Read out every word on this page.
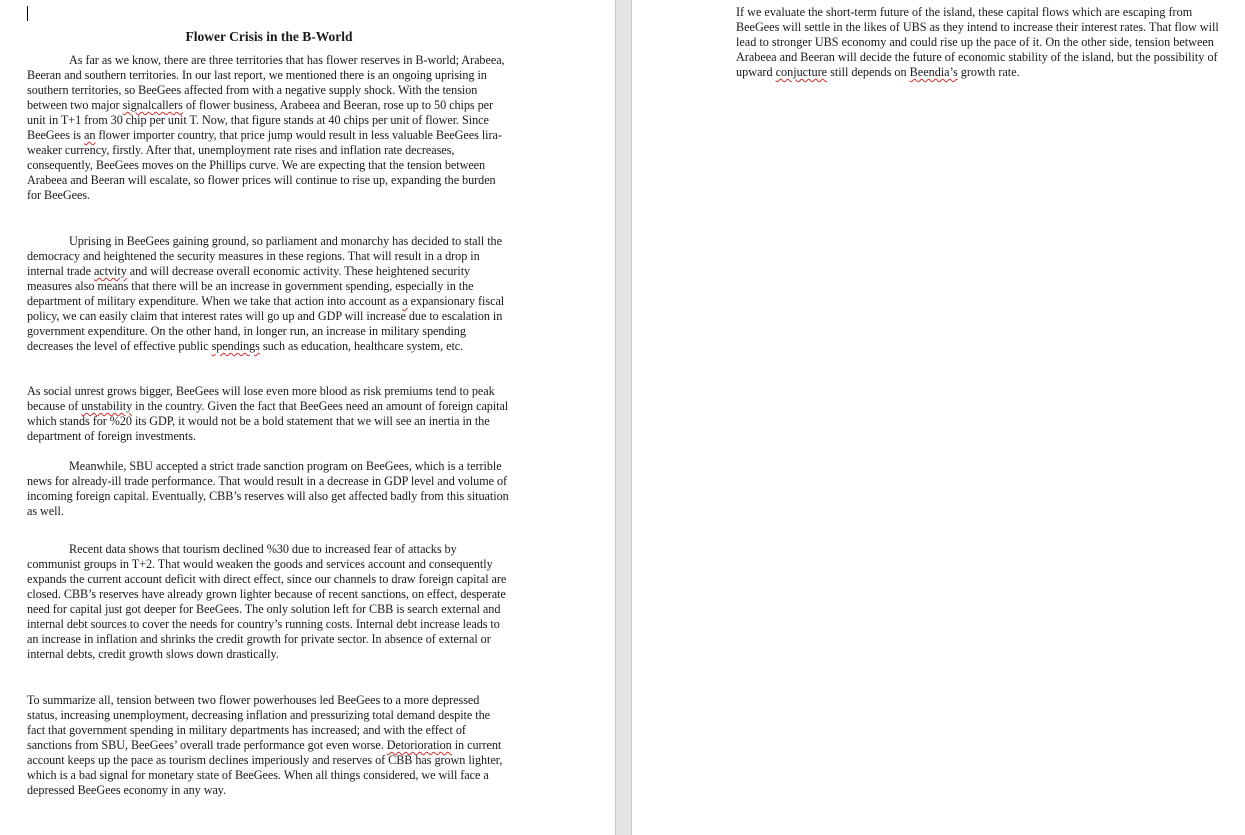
Flower Crisis in the B-World

As far as we know, there are three territories that has flower reserves in B-world; Arabeea, Beeran and southern territories. In our last report, we mentioned there is an ongoing uprising in southern territories, so BeeGees affected from with a negative supply shock. With the tension between two major signalcallers of flower business, Arabeea and Beeran, rose up to 50 chips per unit in T+1 from 30 chip per unit T. Now, that figure stands at 40 chips per unit of flower. Since BeeGees is an flower importer country, that price jump would result in less valuable BeeGees lira-weaker currency, firstly. After that, unemployment rate rises and inflation rate decreases, consequently, BeeGees moves on the Phillips curve. We are expecting that the tension between Arabeea and Beeran will escalate, so flower prices will continue to rise up, expanding the burden for BeeGees.

Uprising in BeeGees gaining ground, so parliament and monarchy has decided to stall the democracy and heightened the security measures in these regions. That will result in a drop in internal trade actvity and will decrease overall economic activity. These heightened security measures also means that there will be an increase in government spending, especially in the department of military expenditure. When we take that action into account as a expansionary fiscal policy, we can easily claim that interest rates will go up and GDP will increase due to escalation in government expenditure. On the other hand, in longer run, an increase in military spending decreases the level of effective public spendings such as education, healthcare system, etc.

As social unrest grows bigger, BeeGees will lose even more blood as risk premiums tend to peak because of unstability in the country. Given the fact that BeeGees need an amount of foreign capital which stands for %20 its GDP, it would not be a bold statement that we will see an inertia in the department of foreign investments.

Meanwhile, SBU accepted a strict trade sanction program on BeeGees, which is a terrible news for already-ill trade performance. That would result in a decrease in GDP level and volume of incoming foreign capital. Eventually, CBB’s reserves will also get affected badly from this situation as well.

Recent data shows that tourism declined %30 due to increased fear of attacks by communist groups in T+2. That would weaken the goods and services account and consequently expands the current account deficit with direct effect, since our channels to draw foreign capital are closed. CBB’s reserves have already grown lighter because of recent sanctions, on effect, desperate need for capital just got deeper for BeeGees. The only solution left for CBB is search external and internal debt sources to cover the needs for country’s running costs. Internal debt increase leads to an increase in inflation and shrinks the credit growth for private sector. In absence of external or internal debts, credit growth slows down drastically.

To summarize all, tension between two flower powerhouses led BeeGees to a more depressed status, increasing unemployment, decreasing inflation and pressurizing total demand despite the fact that government spending in military departments has increased; and with the effect of sanctions from SBU, BeeGees’ overall trade performance got even worse. Detorioration in current account keeps up the pace as tourism declines imperiously and reserves of CBB has grown lighter, which is a bad signal for monetary state of BeeGees. When all things considered, we will face a depressed BeeGees economy in any way.

If we evaluate the short-term future of the island, these capital flows which are escaping from BeeGees will settle in the likes of UBS as they intend to increase their interest rates. That flow will lead to stronger UBS economy and could rise up the pace of it. On the other side, tension between Arabeea and Beeran will decide the future of economic stability of the island, but the possibility of upward conjucture still depends on Beendia’s growth rate.
